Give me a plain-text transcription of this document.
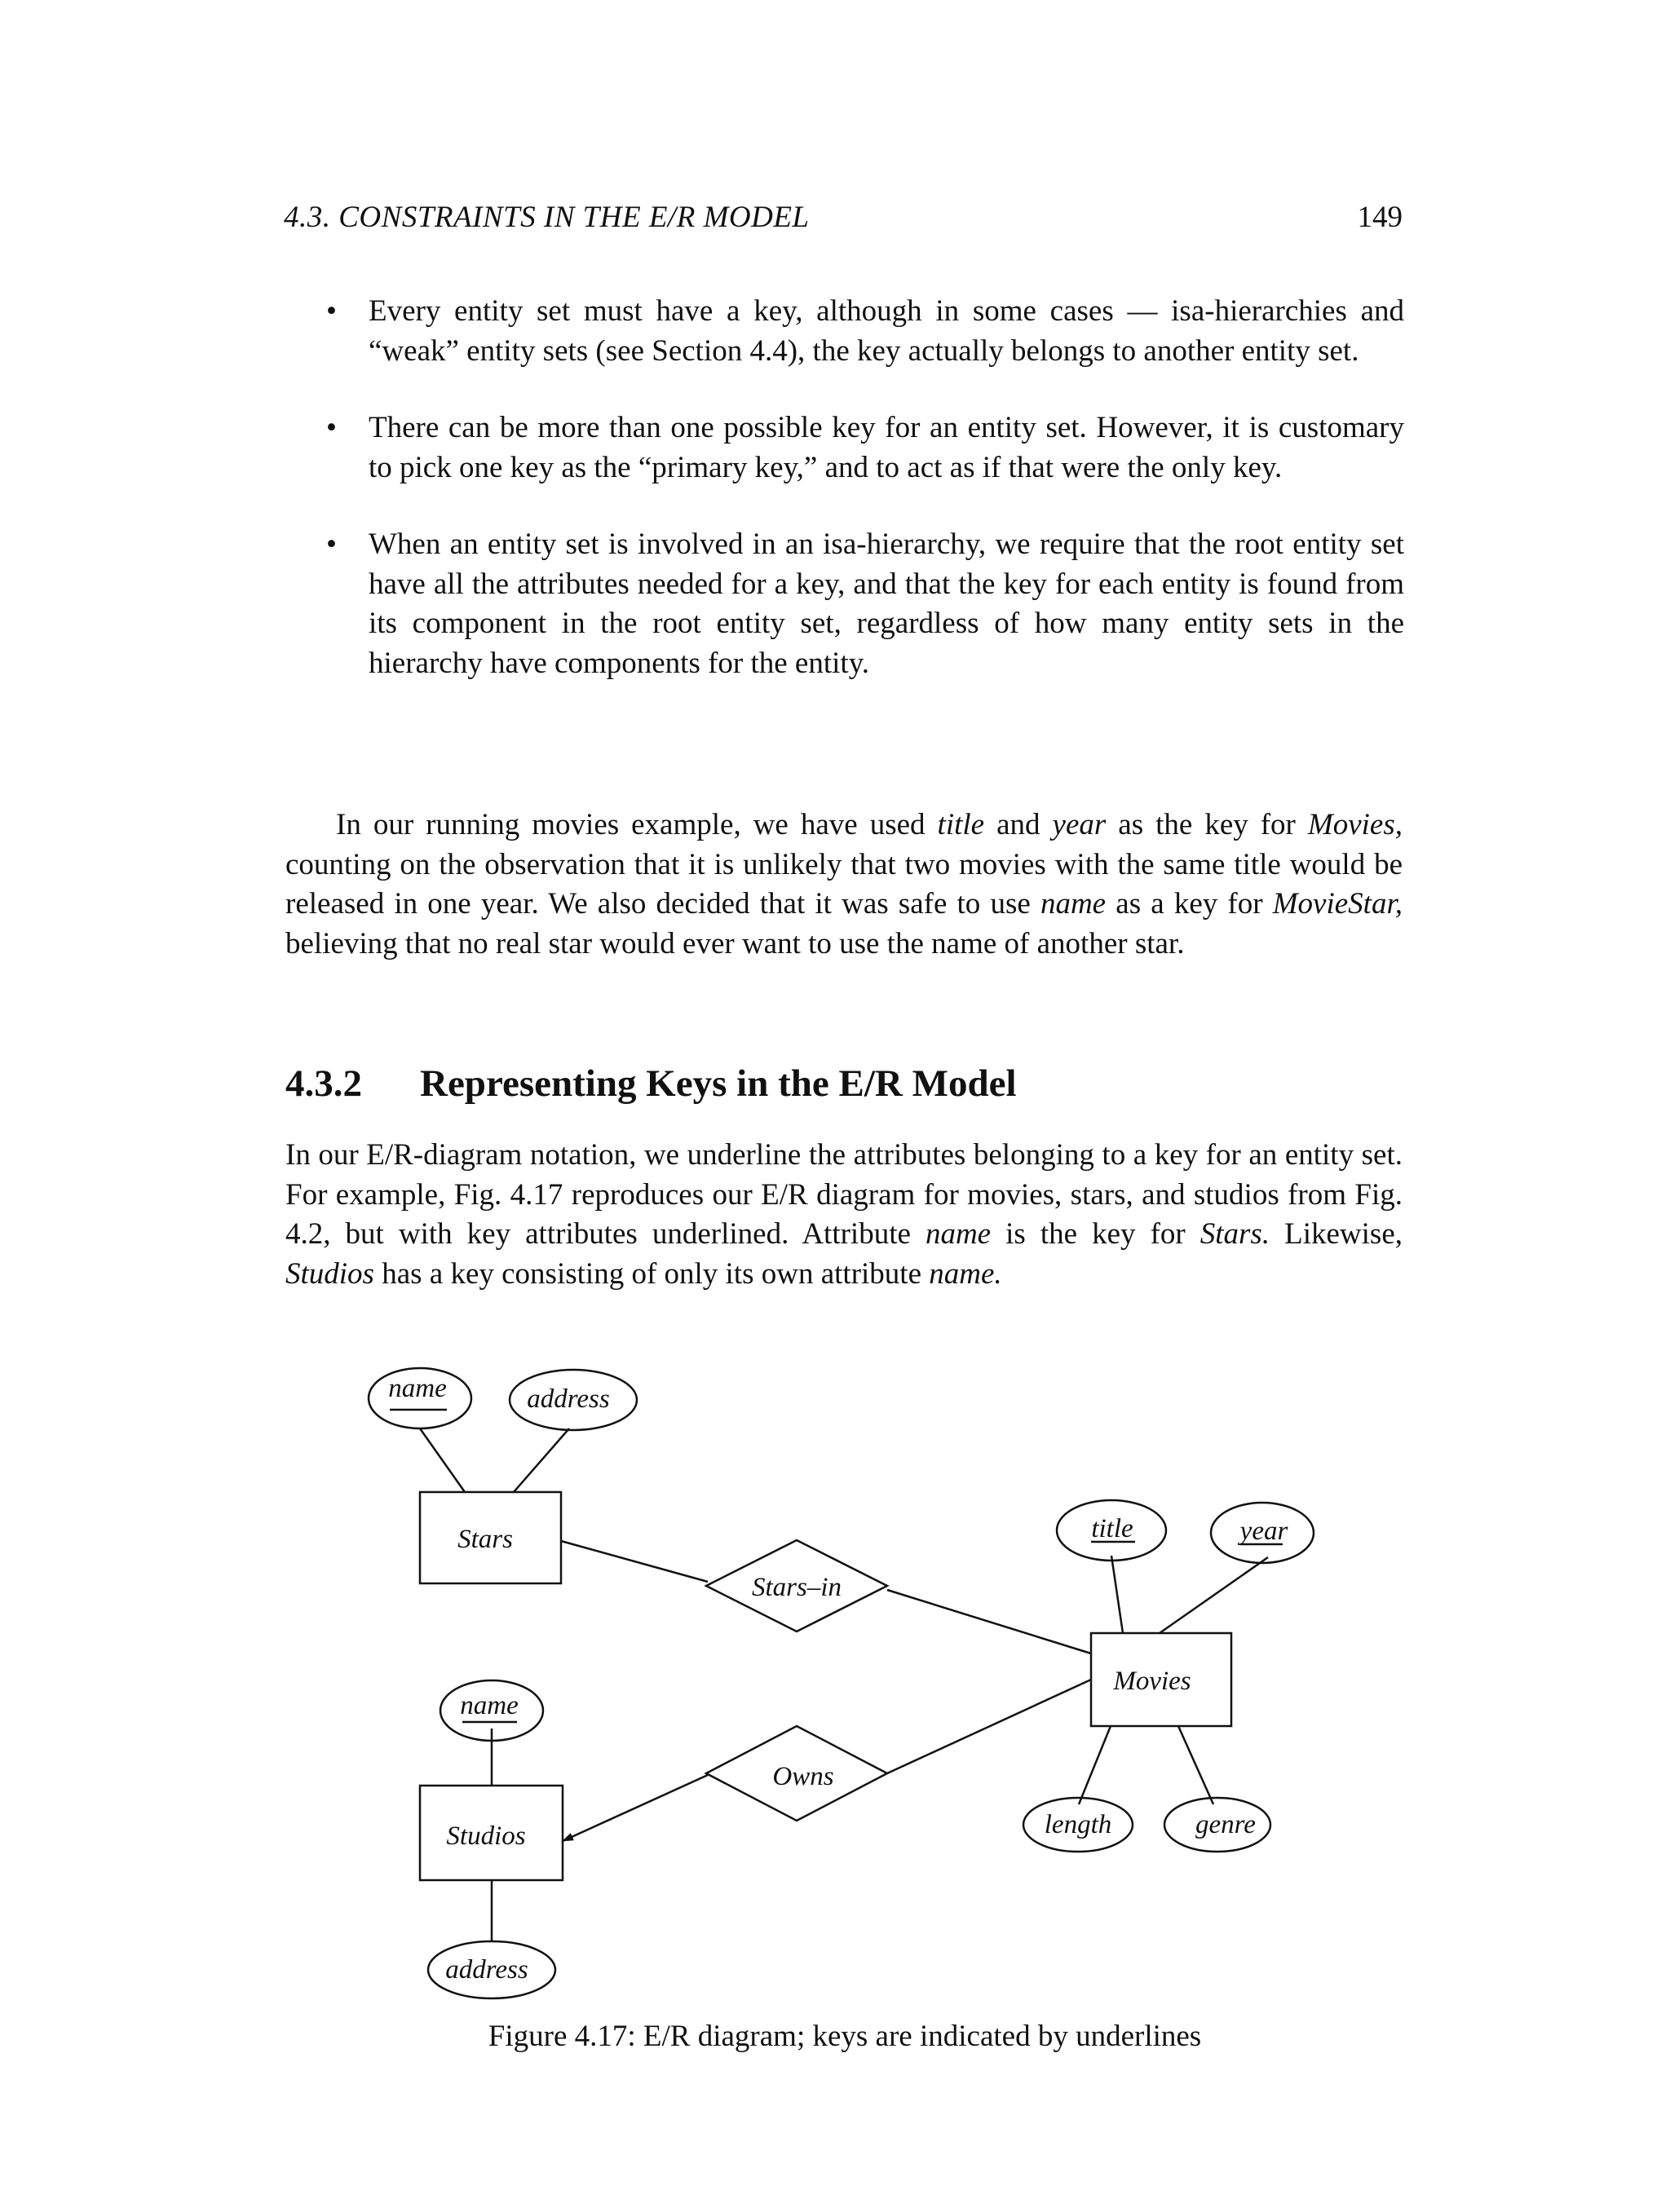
4.3. CONSTRAINTS IN THE E/R MODEL	149
• Every entity set must have a key, although in some cases — isa-hierarchies and “weak” entity sets (see Section 4.4), the key actually belongs to another entity set.
• There can be more than one possible key for an entity set. However, it is customary to pick one key as the “primary key,” and to act as if that were the only key.
• When an entity set is involved in an isa-hierarchy, we require that the root entity set have all the attributes needed for a key, and that the key for each entity is found from its component in the root entity set, regardless of how many entity sets in the hierarchy have components for the entity.
In our running movies example, we have used title and year as the key for Movies, counting on the observation that it is unlikely that two movies with the same title would be released in one year. We also decided that it was safe to use name as a key for MovieStar, believing that no real star would ever want to use the name of another star.
4.3.2 Representing Keys in the E/R Model
In our E/R-diagram notation, we underline the attributes belonging to a key for an entity set. For example, Fig. 4.17 reproduces our E/R diagram for movies, stars, and studios from Fig. 4.2, but with key attributes underlined. Attribute name is the key for Stars. Likewise, Studios has a key consisting of only its own attribute name.
name	address
Stars
Stars–in
title	year
Movies
length	genre
name
Owns
Studios
address
Figure 4.17: E/R diagram; keys are indicated by underlines
